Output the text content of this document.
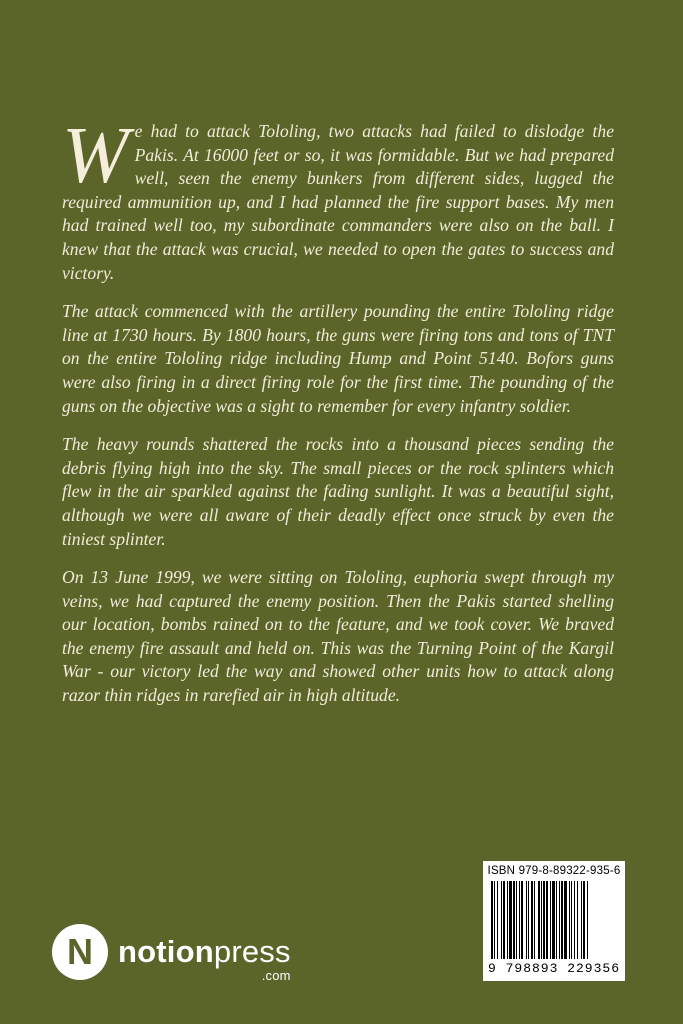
We had to attack Tololing, two attacks had failed to dislodge the Pakis. At 16000 feet or so, it was formidable. But we had prepared well, seen the enemy bunkers from different sides, lugged the required ammunition up, and I had planned the fire support bases. My men had trained well too, my subordinate commanders were also on the ball. I knew that the attack was crucial, we needed to open the gates to success and victory.

The attack commenced with the artillery pounding the entire Tololing ridge line at 1730 hours. By 1800 hours, the guns were firing tons and tons of TNT on the entire Tololing ridge including Hump and Point 5140. Bofors guns were also firing in a direct firing role for the first time. The pounding of the guns on the objective was a sight to remember for every infantry soldier.

The heavy rounds shattered the rocks into a thousand pieces sending the debris flying high into the sky. The small pieces or the rock splinters which flew in the air sparkled against the fading sunlight. It was a beautiful sight, although we were all aware of their deadly effect once struck by even the tiniest splinter.

On 13 June 1999, we were sitting on Tololing, euphoria swept through my veins, we had captured the enemy position. Then the Pakis started shelling our location, bombs rained on to the feature, and we took cover. We braved the enemy fire assault and held on. This was the Turning Point of the Kargil War - our victory led the way and showed other units how to attack along razor thin ridges in rarefied air in high altitude.

N notionpress
.com
ISBN 979-8-89322-935-6
9 798893 229356
